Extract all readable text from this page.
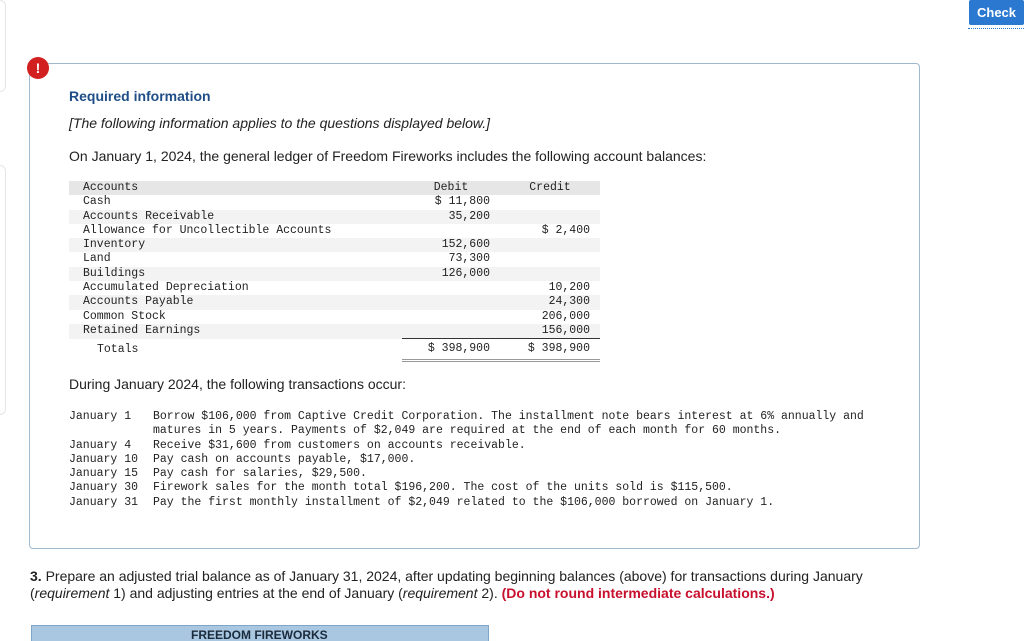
Check
!
Required information
[The following information applies to the questions displayed below.]
On January 1, 2024, the general ledger of Freedom Fireworks includes the following account balances:
Accounts	Debit	Credit
Cash	$ 11,800	
Accounts Receivable	35,200	
Allowance for Uncollectible Accounts		$ 2,400
Inventory	152,600	
Land	73,300	
Buildings	126,000	
Accumulated Depreciation		10,200
Accounts Payable		24,300
Common Stock		206,000
Retained Earnings		156,000
Totals	$ 398,900	$ 398,900
During January 2024, the following transactions occur:
January 1	Borrow $106,000 from Captive Credit Corporation. The installment note bears interest at 6% annually and matures in 5 years. Payments of $2,049 are required at the end of each month for 60 months.
January 4	Receive $31,600 from customers on accounts receivable.
January 10	Pay cash on accounts payable, $17,000.
January 15	Pay cash for salaries, $29,500.
January 30	Firework sales for the month total $196,200. The cost of the units sold is $115,500.
January 31	Pay the first monthly installment of $2,049 related to the $106,000 borrowed on January 1.
3. Prepare an adjusted trial balance as of January 31, 2024, after updating beginning balances (above) for transactions during January (requirement 1) and adjusting entries at the end of January (requirement 2). (Do not round intermediate calculations.)
FREEDOM FIREWORKS
